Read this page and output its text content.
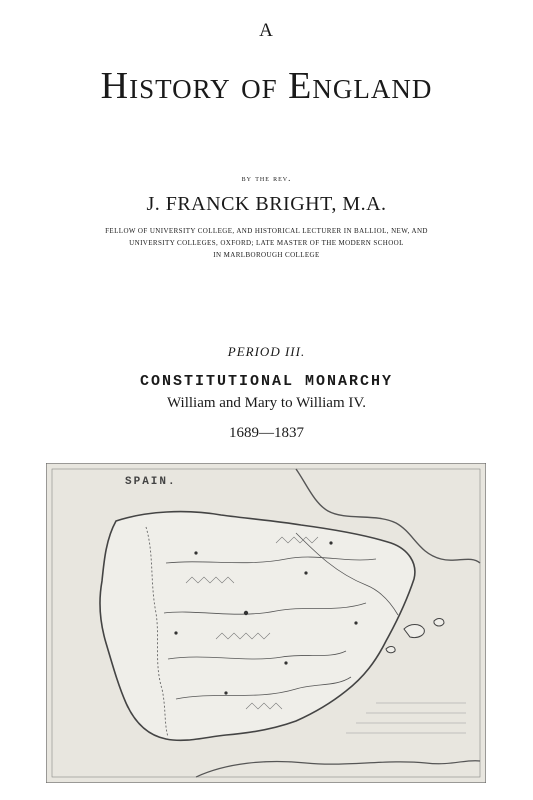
A
History of England
by the rev.
J. FRANCK BRIGHT, M.A.
FELLOW OF UNIVERSITY COLLEGE, AND HISTORICAL LECTURER IN BALLIOL, NEW, AND
UNIVERSITY COLLEGES, OXFORD; LATE MASTER OF THE MODERN SCHOOL
IN MARLBOROUGH COLLEGE
PERIOD III.
CONSTITUTIONAL MONARCHY
William and Mary to William IV.
1689—1837
SPAIN.
